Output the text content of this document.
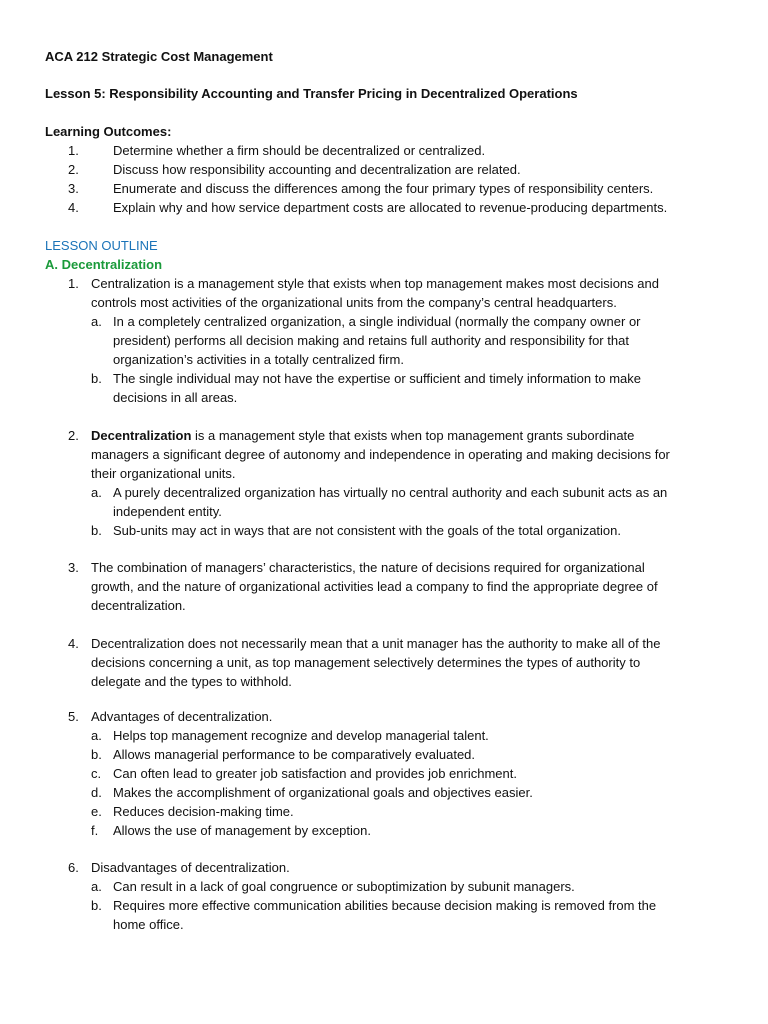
ACA 212 Strategic Cost Management
Lesson 5: Responsibility Accounting and Transfer Pricing in Decentralized Operations
Learning Outcomes:
1.	Determine whether a firm should be decentralized or centralized.
2.	Discuss how responsibility accounting and decentralization are related.
3.	Enumerate and discuss the differences among the four primary types of responsibility centers.
4.	Explain why and how service department costs are allocated to revenue-producing departments.
LESSON OUTLINE
A. Decentralization
1. Centralization is a management style that exists when top management makes most decisions and
controls most activities of the organizational units from the company’s central headquarters.
a. In a completely centralized organization, a single individual (normally the company owner or
president) performs all decision making and retains full authority and responsibility for that
organization’s activities in a totally centralized firm.
b. The single individual may not have the expertise or sufficient and timely information to make
decisions in all areas.
2. Decentralization is a management style that exists when top management grants subordinate
managers a significant degree of autonomy and independence in operating and making decisions for
their organizational units.
a. A purely decentralized organization has virtually no central authority and each subunit acts as an
independent entity.
b. Sub-units may act in ways that are not consistent with the goals of the total organization.
3. The combination of managers’ characteristics, the nature of decisions required for organizational
growth, and the nature of organizational activities lead a company to find the appropriate degree of
decentralization.
4. Decentralization does not necessarily mean that a unit manager has the authority to make all of the
decisions concerning a unit, as top management selectively determines the types of authority to
delegate and the types to withhold.
5. Advantages of decentralization.
a. Helps top management recognize and develop managerial talent.
b. Allows managerial performance to be comparatively evaluated.
c. Can often lead to greater job satisfaction and provides job enrichment.
d. Makes the accomplishment of organizational goals and objectives easier.
e. Reduces decision-making time.
f. Allows the use of management by exception.
6. Disadvantages of decentralization.
a. Can result in a lack of goal congruence or suboptimization by subunit managers.
b. Requires more effective communication abilities because decision making is removed from the
home office.
